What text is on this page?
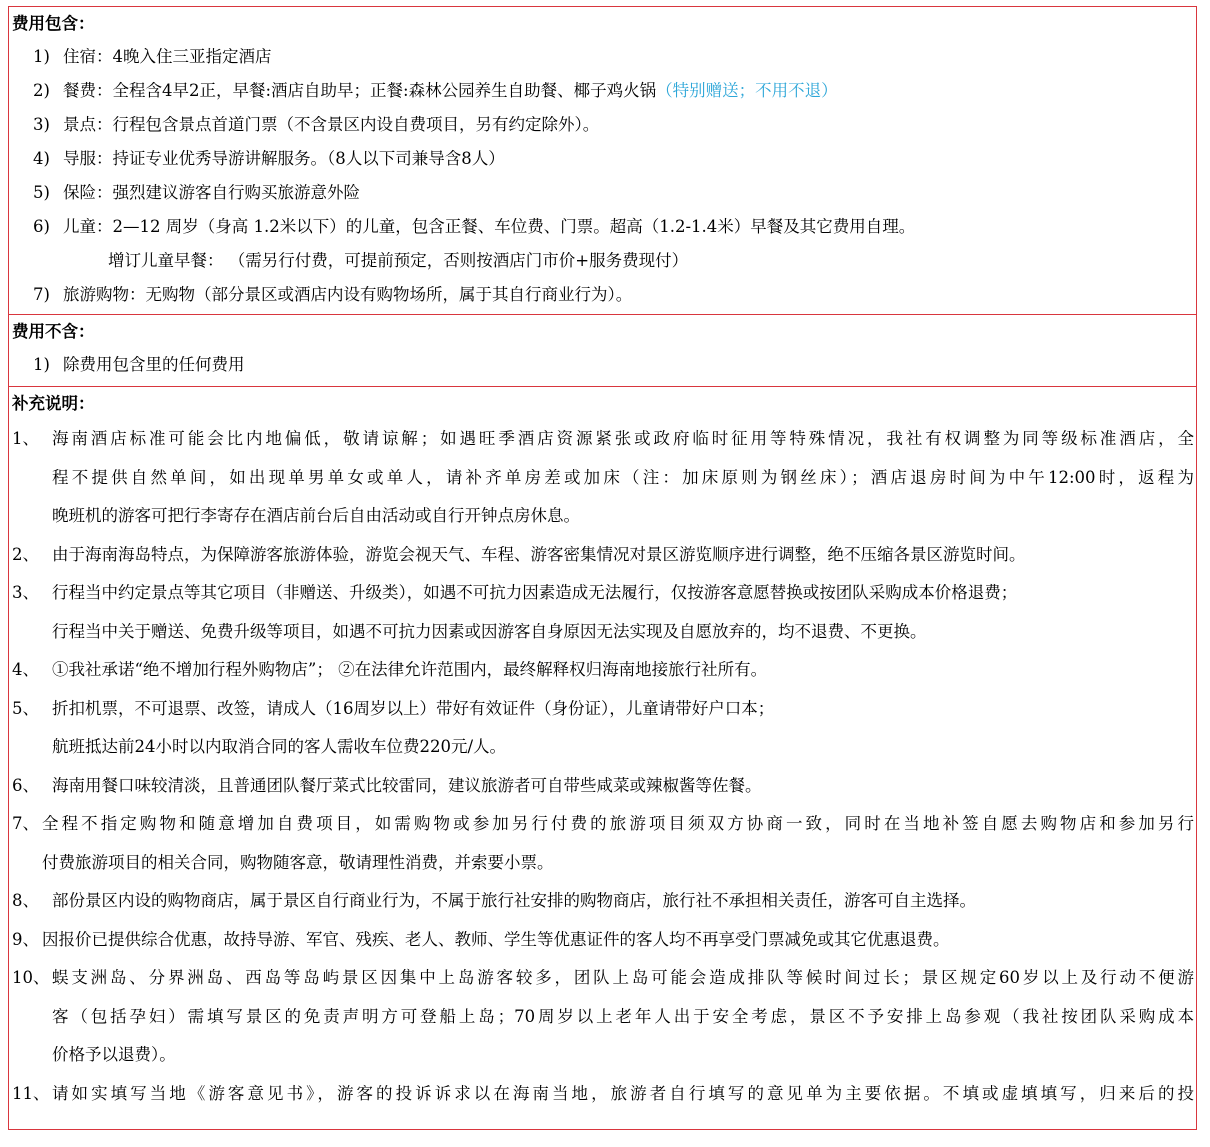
费用包含：
1) 住宿：4晚入住三亚指定酒店
2) 餐费：全程含4早2正，早餐:酒店自助早；正餐:森林公园养生自助餐、椰子鸡火锅（特别赠送；不用不退）
3) 景点：行程包含景点首道门票（不含景区内设自费项目，另有约定除外）。
4) 导服：持证专业优秀导游讲解服务。（8人以下司兼导含8人）
5) 保险：强烈建议游客自行购买旅游意外险
6) 儿童：2—12 周岁（身高 1.2米以下）的儿童，包含正餐、车位费、门票。超高（1.2-1.4米）早餐及其它费用自理。
增订儿童早餐： （需另行付费，可提前预定，否则按酒店门市价+服务费现付）
7) 旅游购物：无购物（部分景区或酒店内设有购物场所，属于其自行商业行为）。
费用不含：
1) 除费用包含里的任何费用
补充说明：
1、 海南酒店标准可能会比内地偏低，敬请谅解；如遇旺季酒店资源紧张或政府临时征用等特殊情况，我社有权调整为同等级标准酒店，全
程不提供自然单间，如出现单男单女或单人，请补齐单房差或加床（注：加床原则为钢丝床）；酒店退房时间为中午12:00时，返程为
晚班机的游客可把行李寄存在酒店前台后自由活动或自行开钟点房休息。
2、 由于海南海岛特点，为保障游客旅游体验，游览会视天气、车程、游客密集情况对景区游览顺序进行调整，绝不压缩各景区游览时间。
3、 行程当中约定景点等其它项目（非赠送、升级类），如遇不可抗力因素造成无法履行，仅按游客意愿替换或按团队采购成本价格退费；
行程当中关于赠送、免费升级等项目，如遇不可抗力因素或因游客自身原因无法实现及自愿放弃的，均不退费、不更换。
4、 ①我社承诺“绝不增加行程外购物店”； ②在法律允许范围内，最终解释权归海南地接旅行社所有。
5、 折扣机票，不可退票、改签，请成人（16周岁以上）带好有效证件（身份证），儿童请带好户口本；
航班抵达前24小时以内取消合同的客人需收车位费220元/人。
6、 海南用餐口味较清淡，且普通团队餐厅菜式比较雷同，建议旅游者可自带些咸菜或辣椒酱等佐餐。
7、 全程不指定购物和随意增加自费项目，如需购物或参加另行付费的旅游项目须双方协商一致，同时在当地补签自愿去购物店和参加另行
付费旅游项目的相关合同，购物随客意，敬请理性消费，并索要小票。
8、 部份景区内设的购物商店，属于景区自行商业行为，不属于旅行社安排的购物商店，旅行社不承担相关责任，游客可自主选择。
9、 因报价已提供综合优惠，故持导游、军官、残疾、老人、教师、学生等优惠证件的客人均不再享受门票减免或其它优惠退费。
10、 蜈支洲岛、分界洲岛、西岛等岛屿景区因集中上岛游客较多，团队上岛可能会造成排队等候时间过长；景区规定60岁以上及行动不便游
客（包括孕妇）需填写景区的免责声明方可登船上岛；70周岁以上老年人出于安全考虑，景区不予安排上岛参观（我社按团队采购成本
价格予以退费）。
11、 请如实填写当地《游客意见书》，游客的投诉诉求以在海南当地，旅游者自行填写的意见单为主要依据。不填或虚填填写，归来后的投
